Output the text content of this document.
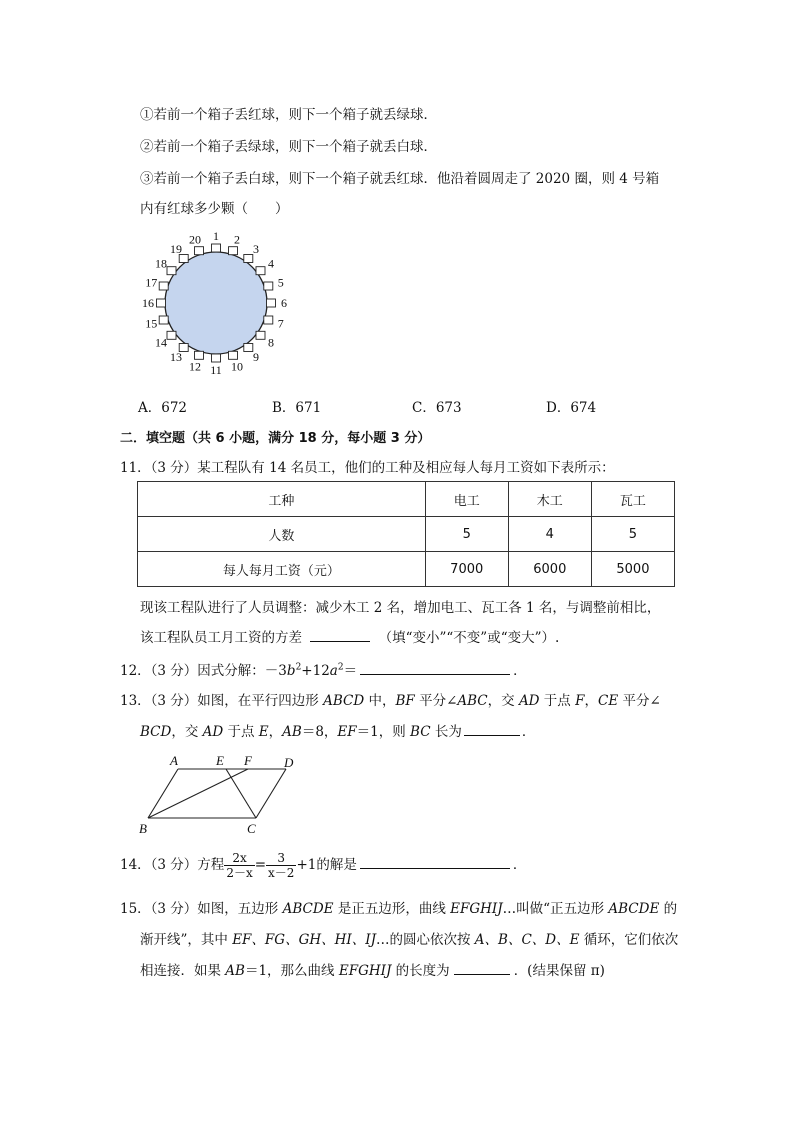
①若前一个箱子丢红球，则下一个箱子就丢绿球．
②若前一个箱子丢绿球，则下一个箱子就丢白球．
③若前一个箱子丢白球，则下一个箱子就丢红球．他沿着圆周走了 2020 圈，则 4 号箱
内有红球多少颗（　　）
1 2
3
4
5
6
7
8
9
10
11
12
13
14
15
16
17
18
19
20
A．672	B．671	C．673	D．674
二．填空题（共 6 小题，满分 18 分，每小题 3 分）
11．（3 分）某工程队有 14 名员工，他们的工种及相应每人每月工资如下表所示：
工种	电工	木工	瓦工
人数	5	4	5
每人每月工资（元）	7000	6000	5000
现该工程队进行了人员调整：减少木工 2 名，增加电工、瓦工各 1 名，与调整前相比，
该工程队员工月工资的方差	（填“变小”“不变”或“变大”）.
12．（3 分）因式分解：$-3b^2+12a^2=$	．
13．（3 分）如图，在平行四边形 ABCD 中，BF 平分∠ABC，交 AD 于点 F，CE 平分∠
BCD，交 AD 于点 E，AB＝8，EF＝1，则 BC 长为	．
A	E F D
B	C
14．（3 分）方程 $\frac{2x}{2-x} = \frac{3}{x-2} +1$的解是	．
15．（3 分）如图，五边形 ABCDE 是正五边形，曲线 EFGHIJ…叫做“正五边形 ABCDE 的
渐开线”，其中 EF、FG、GH、HI、IJ…的圆心依次按 A、B、C、D、E 循环，它们依次
相连接．如果 AB＝1，那么曲线 EFGHIJ 的长度为	．(结果保留 π)
